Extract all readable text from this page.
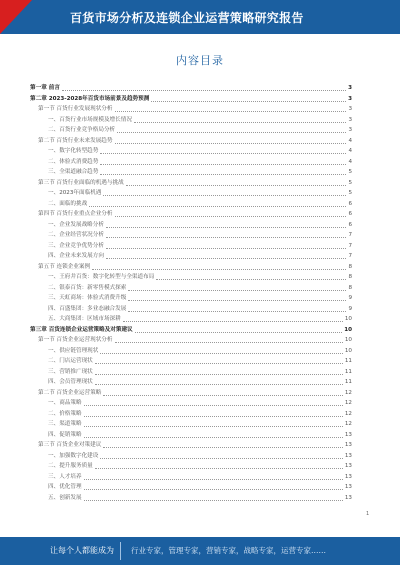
百货市场分析及连锁企业运营策略研究报告
内容目录
第一章 前言	3
第二章 2023-2028年百货市场前景及趋势预测	3
第一节 百货行业发展现状分析	3
一、百货行业市场规模及增长情况	3
二、百货行业竞争格局分析	3
第二节 百货行业未来发展趋势	4
一、数字化转型趋势	4
二、体验式消费趋势	4
三、全渠道融合趋势	5
第三节 百货行业面临的机遇与挑战	5
一、2023年面临机遇	5
二、面临的挑战	6
第四节 百货行业重点企业分析	6
一、企业发展战略分析	6
二、企业经营状况分析	7
三、企业竞争优势分析	7
四、企业未来发展方向	7
第五节 连锁企业案例	8
一、王府井百货：数字化转型与全渠道布局	8
二、银泰百货：新零售模式探索	8
三、天虹商场：体验式消费升级	9
四、百盛集团：多业态融合发展	9
五、大商集团：区域市场深耕	10
第三章 百货连锁企业运营策略及对策建议	10
第一节 百货企业运营现状分析	10
一、供应链管理现状	10
二、门店运营现状	11
三、营销推广现状	11
四、会员管理现状	11
第二节 百货企业运营策略	12
一、商品策略	12
二、价格策略	12
三、渠道策略	12
四、促销策略	13
第三节 百货企业对策建议	13
一、加强数字化建设	13
二、提升服务质量	13
三、人才培养	13
四、优化管理	13
五、创新发展	13
1
让每个人都能成为 行业专家，管理专家，营销专家，战略专家，运营专家……
